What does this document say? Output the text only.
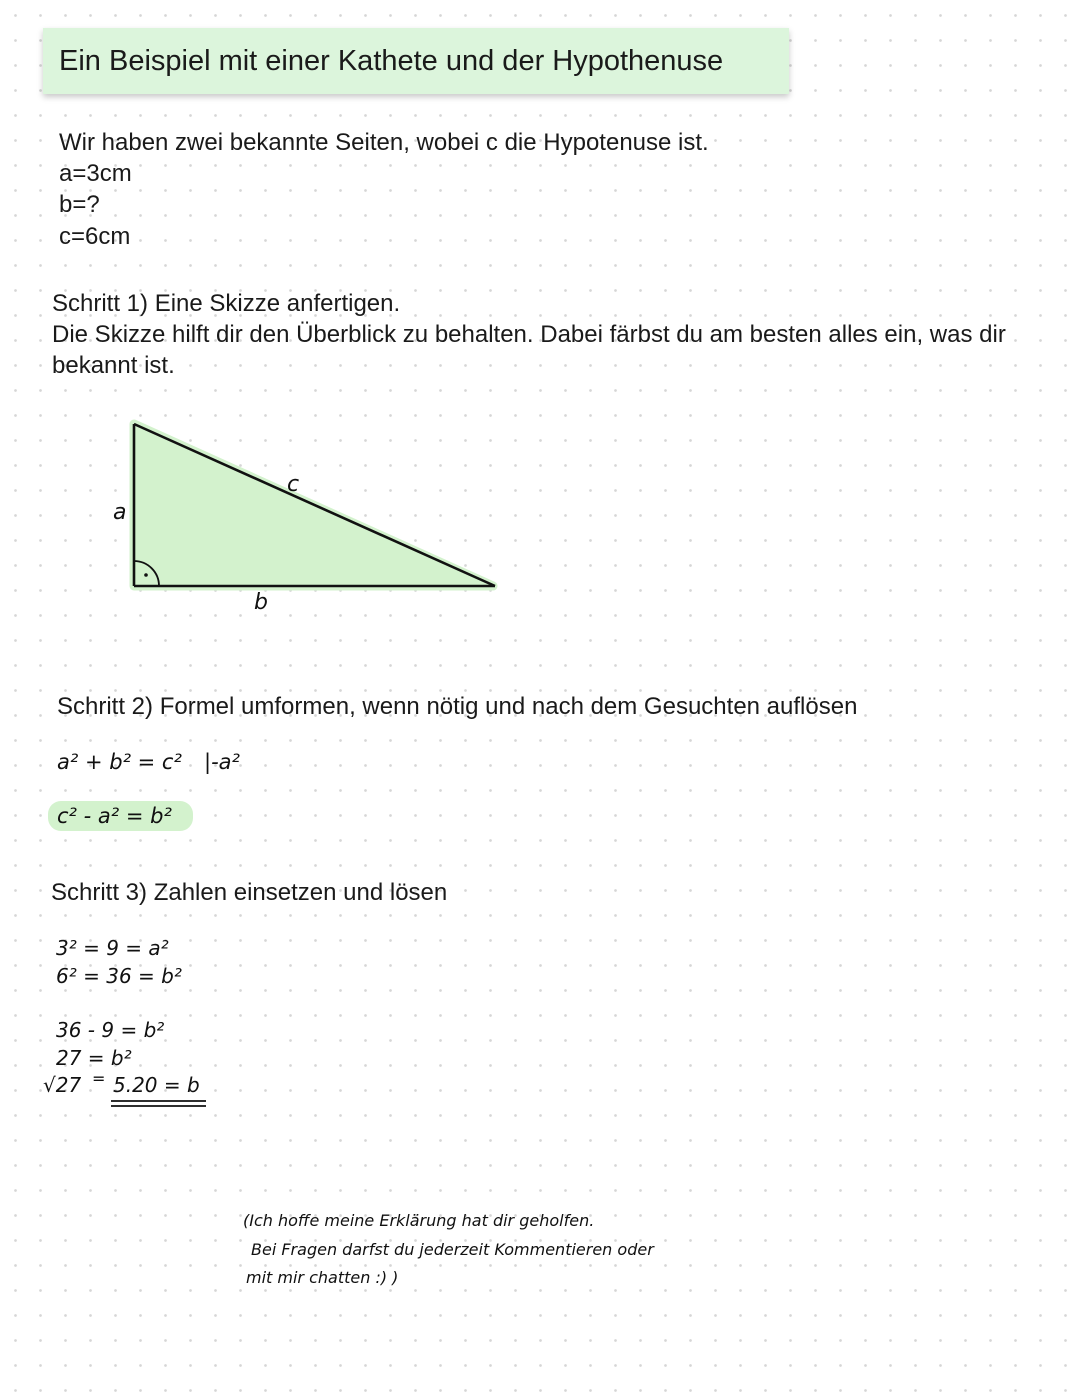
Ein Beispiel mit einer Kathete und der Hypothenuse
Wir haben zwei bekannte Seiten, wobei c die Hypotenuse ist.
a=3cm
b=?
c=6cm
Schritt 1) Eine Skizze anfertigen.
Die Skizze hilft dir den Überblick zu behalten. Dabei färbst du am besten alles ein, was dir bekannt ist.
a
b
c
Schritt 2) Formel umformen, wenn nötig und nach dem Gesuchten auflösen
a² + b² = c² |-a²
c² - a² = b²
Schritt 3) Zahlen einsetzen und lösen
3² = 9 = a²
6² = 36 = b²
36 - 9 = b²
27 = b²
√27 = 5.20 = b
(Ich hoffe meine Erklärung hat dir geholfen.
Bei Fragen darfst du jederzeit Kommentieren oder
mit mir chatten :) )
